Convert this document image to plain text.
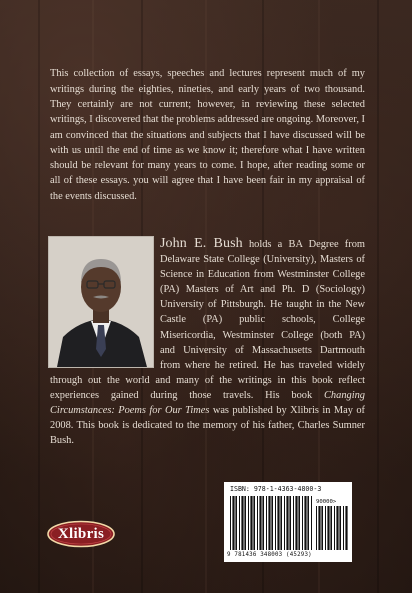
This collection of essays, speeches and lectures represent much of my writings during the eighties, nineties, and early years of two thousand. They certainly are not current; however, in reviewing these selected writings, I discovered that the problems addressed are ongoing. Moreover, I am convinced that the situations and subjects that I have discussed will be with us until the end of time as we know it; therefore what I have written should be relevant for many years to come. I hope, after reading some or all of these essays. you will agree that I have been fair in my appraisal of the events discussed.

John E. Bush holds a BA Degree from Delaware State College (University), Masters of Science in Education from Westminster College (PA) Masters of Art and Ph. D (Sociology) University of Pittsburgh. He taught in the New Castle (PA) public schools, College Misericordia, Westminster College (both PA) and University of Massachusetts Dartmouth from where he retired. He has traveled widely through out the world and many of the writings in this book reflect experiences gained during those travels. His book Changing Circumstances: Poems for Our Times was published by Xlibris in May of 2008. This book is dedicated to the memory of his father, Charles Sumner Bush.
ISBN: 978-1-4363-4800-3
90000>
9 781436 348003 (45293)
Xlibris
